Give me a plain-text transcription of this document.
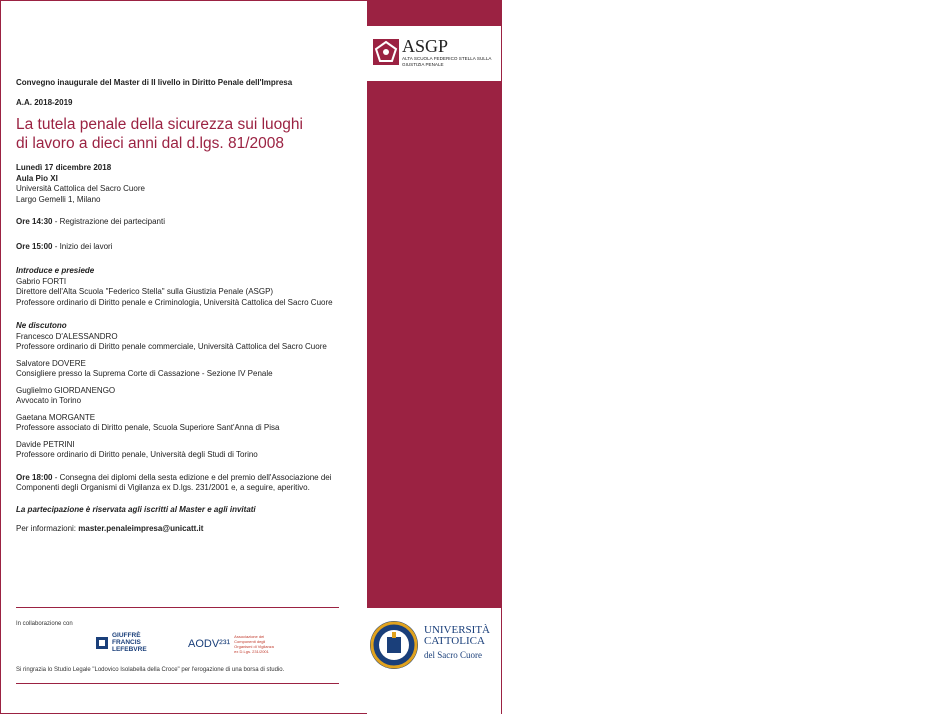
ASGP
ALTA SCUOLA FEDERICO STELLA SULLA GIUSTIZIA PENALE
UNIVERSITÀ
CATTOLICA
del Sacro Cuore
Convegno inaugurale del Master di II livello in Diritto Penale dell'Impresa
A.A. 2018-2019
La tutela penale della sicurezza sui luoghi
di lavoro a dieci anni dal d.lgs. 81/2008
Lunedì 17 dicembre 2018
Aula Pio XI
Università Cattolica del Sacro Cuore
Largo Gemelli 1, Milano
Ore 14:30 - Registrazione dei partecipanti
Ore 15:00 - Inizio dei lavori
Introduce e presiede
Gabrio FORTI
Direttore dell'Alta Scuola "Federico Stella" sulla Giustizia Penale (ASGP)
Professore ordinario di Diritto penale e Criminologia, Università Cattolica del Sacro Cuore
Ne discutono
Francesco D'ALESSANDRO
Professore ordinario di Diritto penale commerciale, Università Cattolica del Sacro Cuore
Salvatore DOVERE
Consigliere presso la Suprema Corte di Cassazione - Sezione IV Penale
Guglielmo GIORDANENGO
Avvocato in Torino
Gaetana MORGANTE
Professore associato di Diritto penale, Scuola Superiore Sant'Anna di Pisa
Davide PETRINI
Professore ordinario di Diritto penale, Università degli Studi di Torino
Ore 18:00 - Consegna dei diplomi della sesta edizione e del premio dell'Associazione dei Componenti degli Organismi di Vigilanza ex D.lgs. 231/2001 e, a seguire, aperitivo.
La partecipazione è riservata agli iscritti al Master e agli invitati
Per informazioni: master.penaleimpresa@unicatt.it
In collaborazione con
GIUFFRÈ
FRANCIS
LEFEBVRE	AODV²³¹
Associazione dei Componenti degli Organismi di Vigilanza ex D.Lgs. 231/2001
Si ringrazia lo Studio Legale "Lodovico Isolabella della Croce" per l'erogazione di una borsa di studio.
